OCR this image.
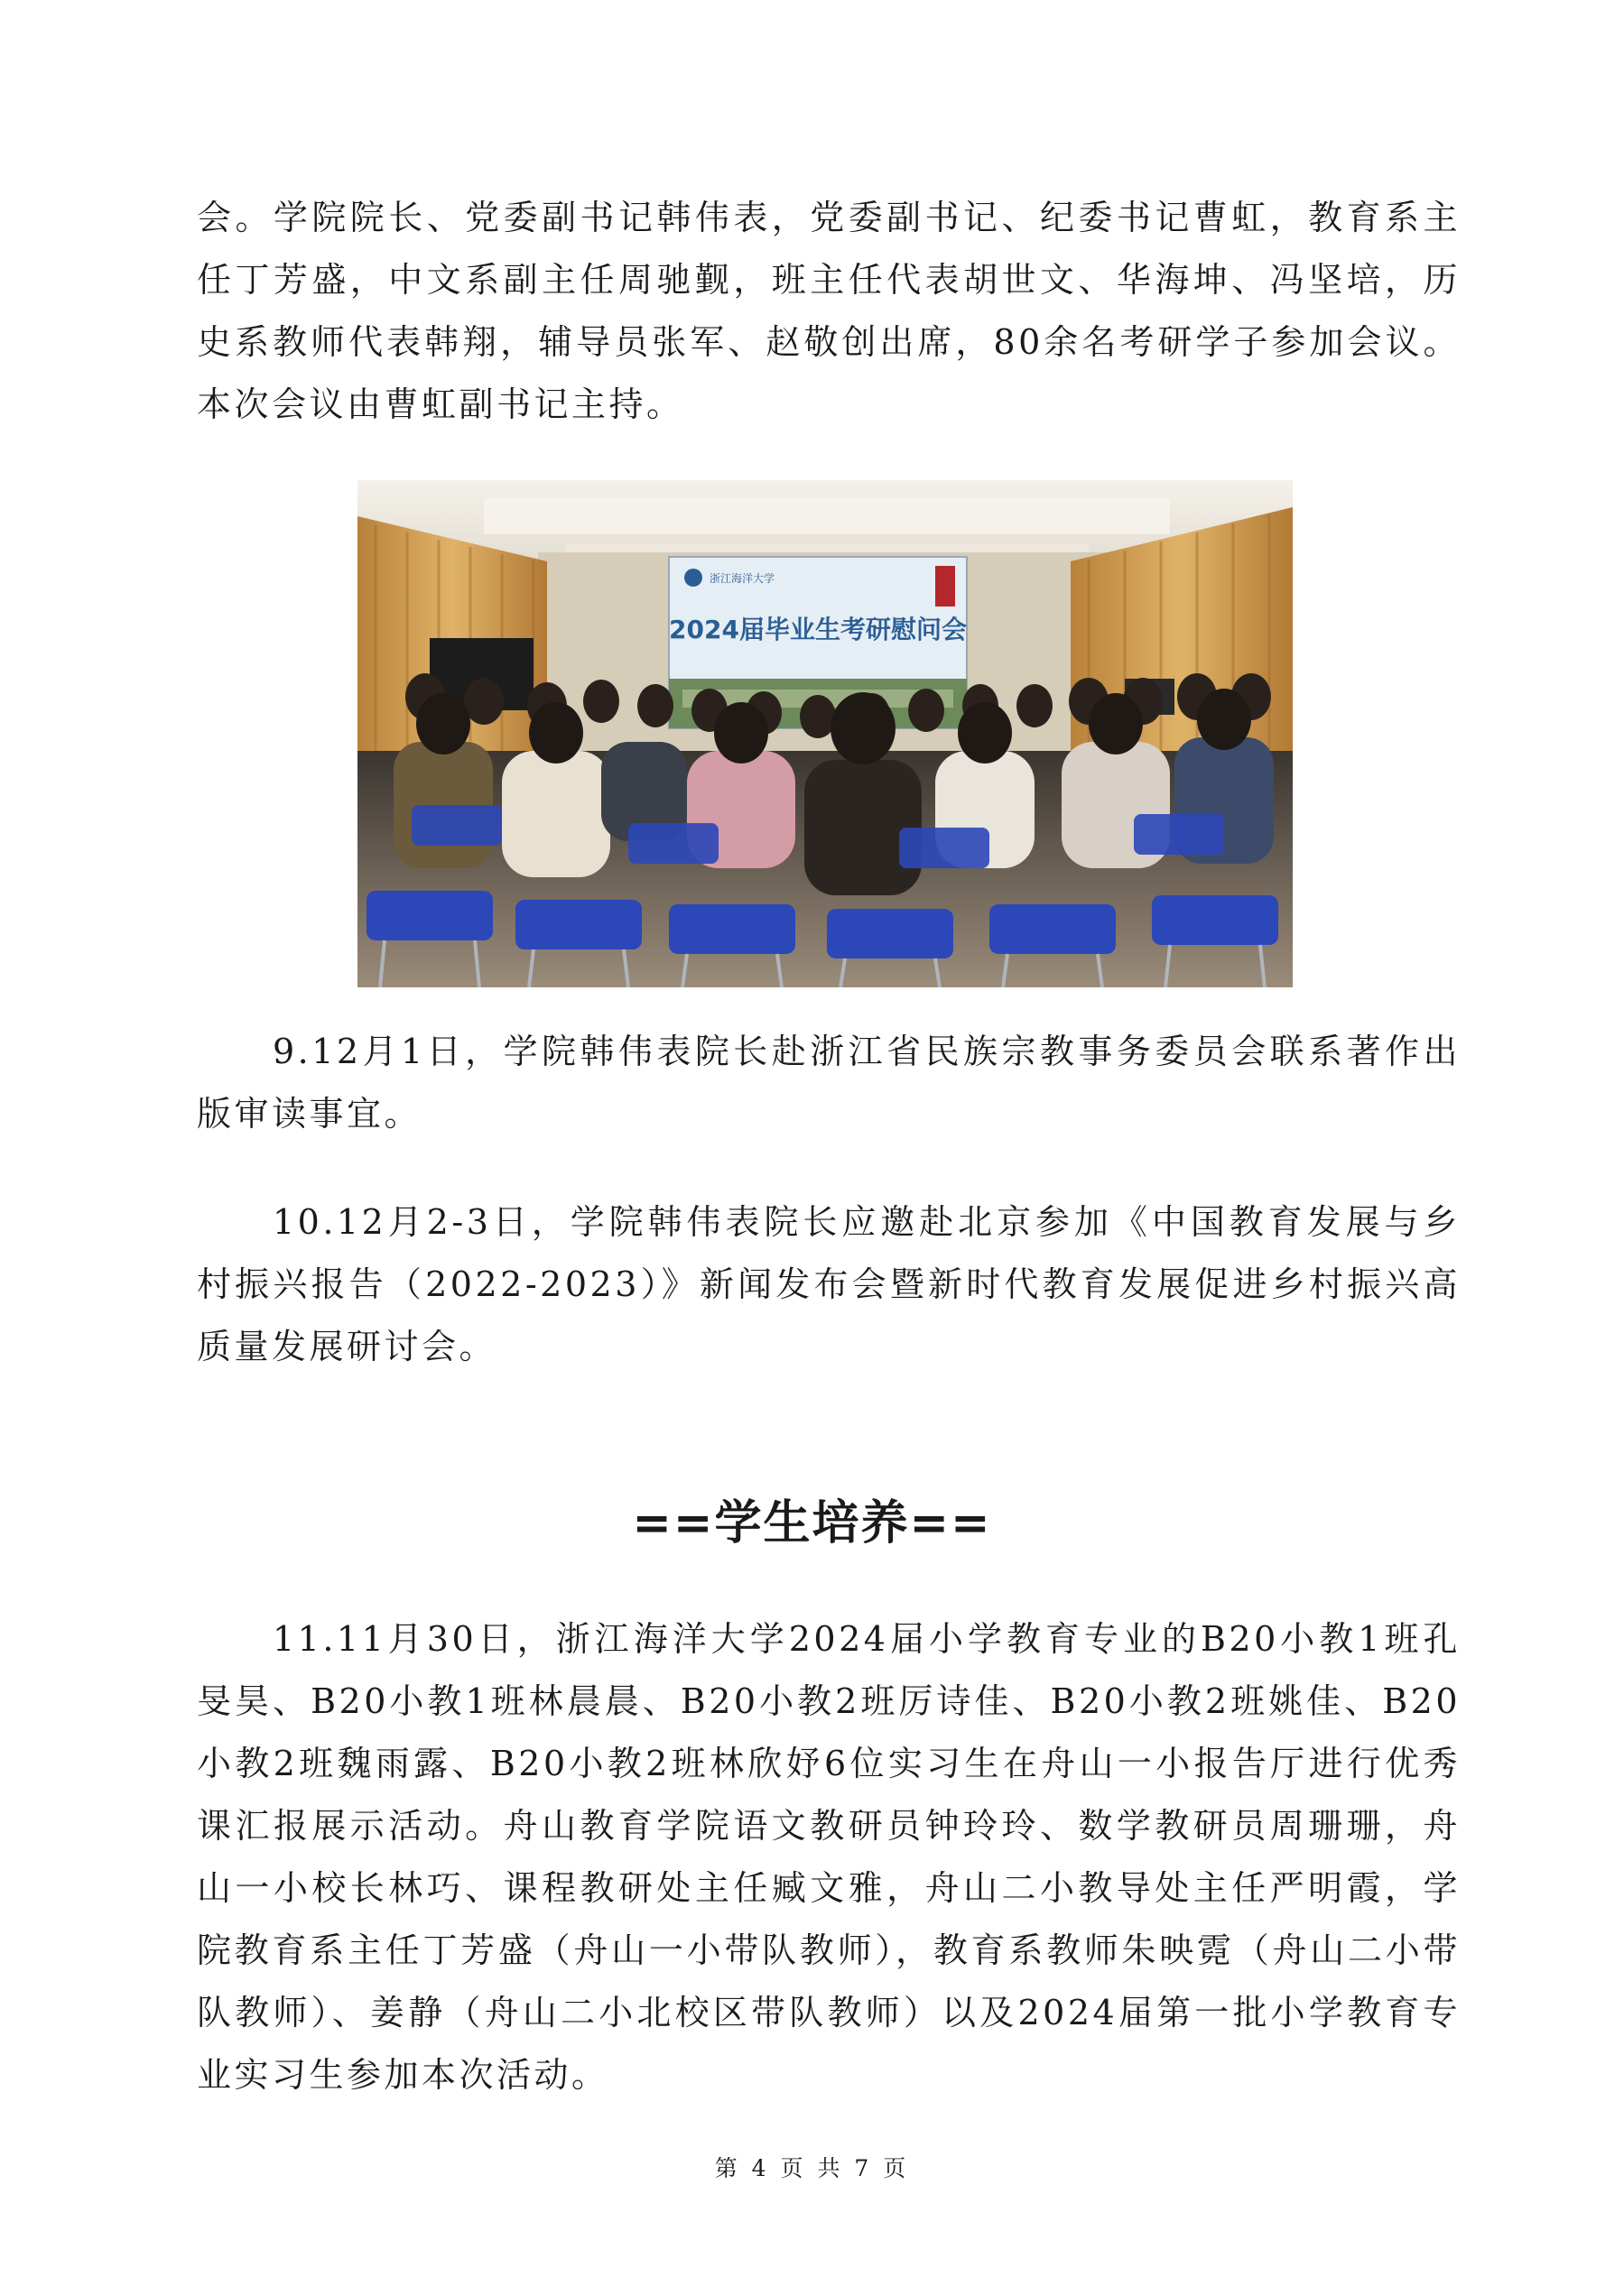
会。学院院长、党委副书记韩伟表，党委副书记、纪委书记曹虹，教育系主任丁芳盛，中文系副主任周驰觐，班主任代表胡世文、华海坤、冯坚培，历史系教师代表韩翔，辅导员张军、赵敬创出席，80余名考研学子参加会议。本次会议由曹虹副书记主持。

浙江海洋大学
2024届毕业生考研慰问会

9.12月1日，学院韩伟表院长赴浙江省民族宗教事务委员会联系著作出版审读事宜。

10.12月2-3日，学院韩伟表院长应邀赴北京参加《中国教育发展与乡村振兴报告（2022-2023）》新闻发布会暨新时代教育发展促进乡村振兴高质量发展研讨会。

==学生培养==

11.11月30日，浙江海洋大学2024届小学教育专业的B20小教1班孔旻昊、B20小教1班林晨晨、B20小教2班厉诗佳、B20小教2班姚佳、B20小教2班魏雨露、B20小教2班林欣妤6位实习生在舟山一小报告厅进行优秀课汇报展示活动。舟山教育学院语文教研员钟玲玲、数学教研员周珊珊，舟山一小校长林巧、课程教研处主任臧文雅，舟山二小教导处主任严明霞，学院教育系主任丁芳盛（舟山一小带队教师），教育系教师朱映霓（舟山二小带队教师）、姜静（舟山二小北校区带队教师）以及2024届第一批小学教育专业实习生参加本次活动。

第 4 页 共 7 页
